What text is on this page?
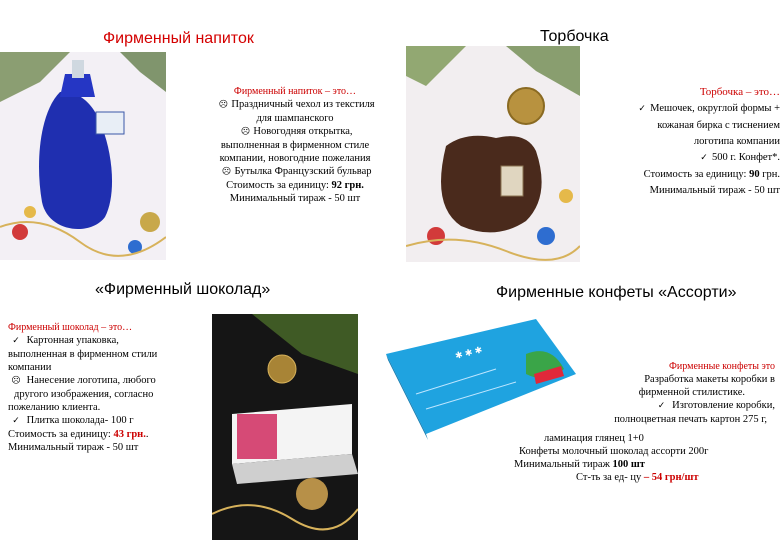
Фирменный напиток

Фирменный напиток – это…

☹ Праздничный чехол из текстиля

для шампанского

☹ Новогодняя открытка,

выполненная в фирменном стиле

компании, новогодние пожелания

☹ Бутылка Французский бульвар

Стоимость за единицу: 92 грн.

Минимальный тираж - 50 шт

Торбочка

Торбочка – это…

✓ Мешочек, округлой формы +

кожаная бирка с тиснением

логотипа компании

✓ 500 г. Конфет*.

Стоимость за единицу: 90 грн.

Минимальный тираж - 50 шт

«Фирменный шоколад»

Фирменный шоколад – это…

✓ Картонная упаковка,

выполненная в фирменном стили

компании

☹ Нанесение логотипа, любого

другого изображения, согласно

пожеланию клиента.

✓ Плитка шоколада- 100 г

Стоимость за единицу: 43 грн..

Минимальный тираж - 50 шт

Фирменные конфеты «Ассорти»
✱ ✱ ✱

Фирменные конфеты это

Разработка макеты коробки в

фирменной стилистике.

✓ Изготовление коробки,

полноцветная печать картон 275 г,

ламинация глянец 1+0

Конфеты молочный шоколад ассорти 200г

Минимальный тираж 100 шт

Ст-ть за ед- цу – 54 грн/шт
